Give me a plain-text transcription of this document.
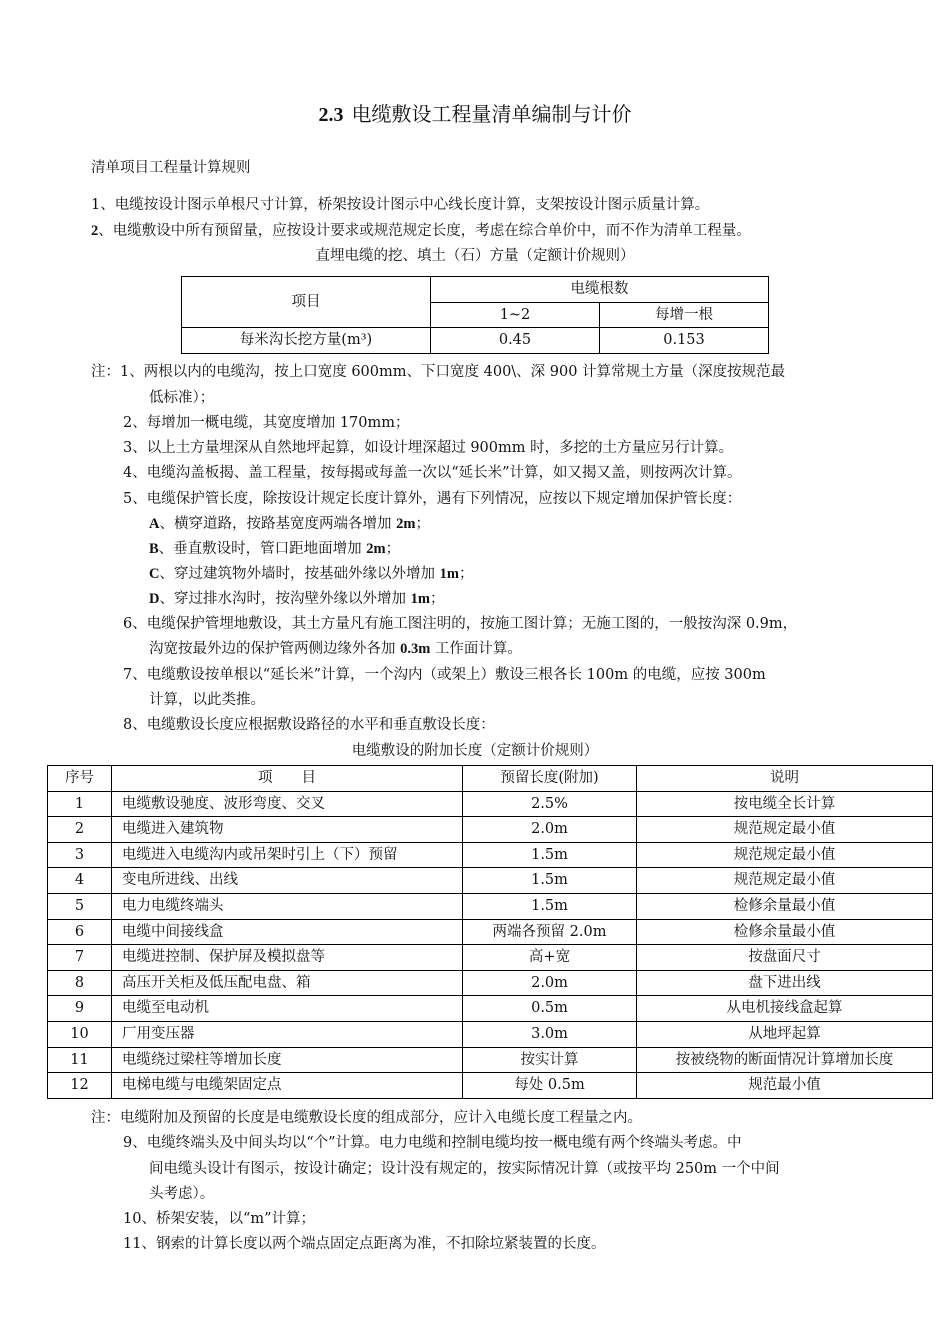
2.3 电缆敷设工程量清单编制与计价
清单项目工程量计算规则
1、电缆按设计图示单根尺寸计算，桥架按设计图示中心线长度计算，支架按设计图示质量计算。
2、电缆敷设中所有预留量，应按设计要求或规范规定长度，考虑在综合单价中，而不作为清单工程量。
直埋电缆的挖、填土（石）方量（定额计价规则）
项目	电缆根数	
	1~2	每增一根
每米沟长挖方量(m³)	0.45	0.153
注：1、两根以内的电缆沟，按上口宽度 600mm、下口宽度 400\、深 900 计算常规土方量（深度按规范最
低标准）；
2、每增加一概电缆，其宽度增加 170mm；
3、以上土方量埋深从自然地坪起算，如设计埋深超过 900mm 时，多挖的土方量应另行计算。
4、电缆沟盖板揭、盖工程量，按每揭或每盖一次以“延长米”计算，如又揭又盖，则按两次计算。
5、电缆保护管长度，除按设计规定长度计算外，遇有下列情况，应按以下规定增加保护管长度：
A、横穿道路，按路基宽度两端各增加 2m；
B、垂直敷设时，管口距地面增加 2m；
C、穿过建筑物外墙时，按基础外缘以外增加 1m；
D、穿过排水沟时，按沟壁外缘以外增加 1m；
6、电缆保护管埋地敷设，其土方量凡有施工图注明的，按施工图计算；无施工图的，一般按沟深 0.9m，
沟宽按最外边的保护管两侧边缘外各加 0.3m 工作面计算。
7、电缆敷设按单根以“延长米”计算，一个沟内（或架上）敷设三根各长 100m 的电缆，应按 300m
计算，以此类推。
8、电缆敷设长度应根据敷设路径的水平和垂直敷设长度：
电缆敷设的附加长度（定额计价规则）
序号	项　　目	预留长度(附加)	说明
1	电缆敷设驰度、波形弯度、交叉	2.5%	按电缆全长计算
2	电缆进入建筑物	2.0m	规范规定最小值
3	电缆进入电缆沟内或吊架时引上（下）预留	1.5m	规范规定最小值
4	变电所进线、出线	1.5m	规范规定最小值
5	电力电缆终端头	1.5m	检修余量最小值
6	电缆中间接线盒	两端各预留 2.0m	检修余量最小值
7	电缆进控制、保护屏及模拟盘等	高+宽	按盘面尺寸
8	高压开关柜及低压配电盘、箱	2.0m	盘下进出线
9	电缆至电动机	0.5m	从电机接线盒起算
10	厂用变压器	3.0m	从地坪起算
11	电缆绕过梁柱等增加长度	按实计算	按被绕物的断面情况计算增加长度
12	电梯电缆与电缆架固定点	每处 0.5m	规范最小值
注：电缆附加及预留的长度是电缆敷设长度的组成部分，应计入电缆长度工程量之内。
9、电缆终端头及中间头均以“个”计算。电力电缆和控制电缆均按一概电缆有两个终端头考虑。中
间电缆头设计有图示，按设计确定；设计没有规定的，按实际情况计算（或按平均 250m 一个中间
头考虑）。
10、桥架安装，以“m”计算；
11、钢索的计算长度以两个端点固定点距离为准，不扣除垃紧装置的长度。
